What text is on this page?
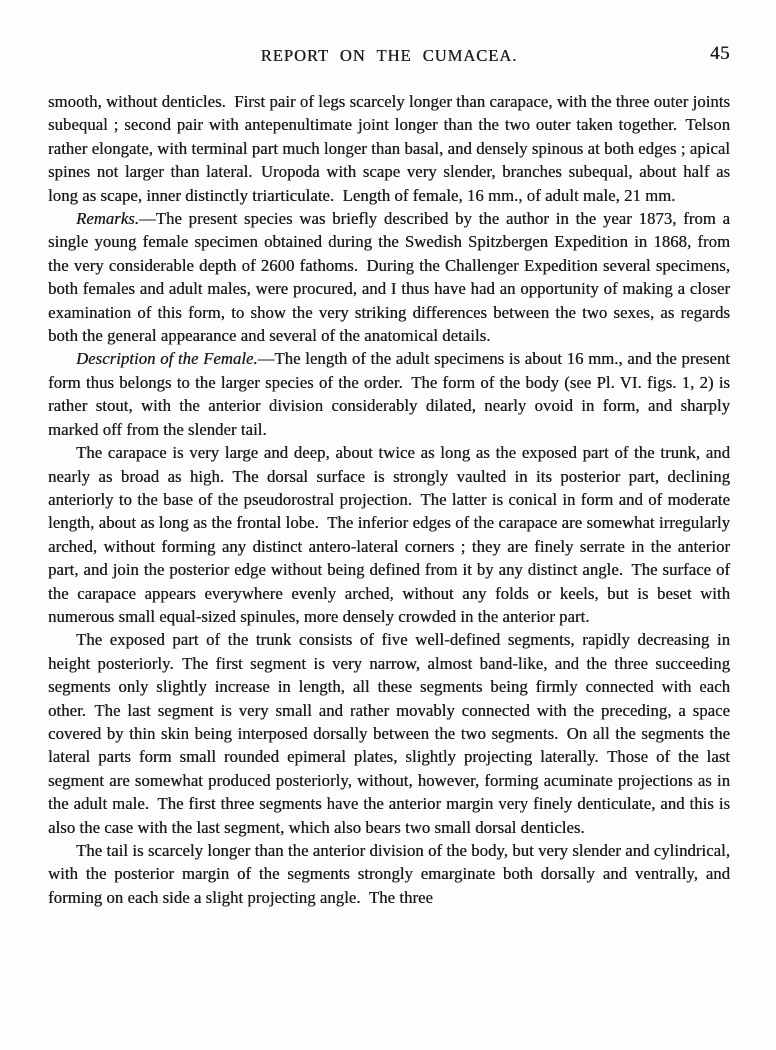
REPORT ON THE CUMACEA.	45

smooth, without denticles. First pair of legs scarcely longer than carapace, with the three outer joints subequal ; second pair with antepenultimate joint longer than the two outer taken together. Telson rather elongate, with terminal part much longer than basal, and densely spinous at both edges ; apical spines not larger than lateral. Uropoda with scape very slender, branches subequal, about half as long as scape, inner distinctly triarticulate. Length of female, 16 mm., of adult male, 21 mm.

Remarks.—The present species was briefly described by the author in the year 1873, from a single young female specimen obtained during the Swedish Spitzbergen Expedition in 1868, from the very considerable depth of 2600 fathoms. During the Challenger Expedition several specimens, both females and adult males, were procured, and I thus have had an opportunity of making a closer examination of this form, to show the very striking differences between the two sexes, as regards both the general appearance and several of the anatomical details.

Description of the Female.—The length of the adult specimens is about 16 mm., and the present form thus belongs to the larger species of the order. The form of the body (see Pl. VI. figs. 1, 2) is rather stout, with the anterior division considerably dilated, nearly ovoid in form, and sharply marked off from the slender tail.

The carapace is very large and deep, about twice as long as the exposed part of the trunk, and nearly as broad as high. The dorsal surface is strongly vaulted in its posterior part, declining anteriorly to the base of the pseudorostral projection. The latter is conical in form and of moderate length, about as long as the frontal lobe. The inferior edges of the carapace are somewhat irregularly arched, without forming any distinct antero-lateral corners ; they are finely serrate in the anterior part, and join the posterior edge without being defined from it by any distinct angle. The surface of the carapace appears everywhere evenly arched, without any folds or keels, but is beset with numerous small equal-sized spinules, more densely crowded in the anterior part.

The exposed part of the trunk consists of five well-defined segments, rapidly decreasing in height posteriorly. The first segment is very narrow, almost band-like, and the three succeeding segments only slightly increase in length, all these segments being firmly connected with each other. The last segment is very small and rather movably connected with the preceding, a space covered by thin skin being interposed dorsally between the two segments. On all the segments the lateral parts form small rounded epimeral plates, slightly projecting laterally. Those of the last segment are somewhat produced posteriorly, without, however, forming acuminate projections as in the adult male. The first three segments have the anterior margin very finely denticulate, and this is also the case with the last segment, which also bears two small dorsal denticles.

The tail is scarcely longer than the anterior division of the body, but very slender and cylindrical, with the posterior margin of the segments strongly emarginate both dorsally and ventrally, and forming on each side a slight projecting angle. The three
